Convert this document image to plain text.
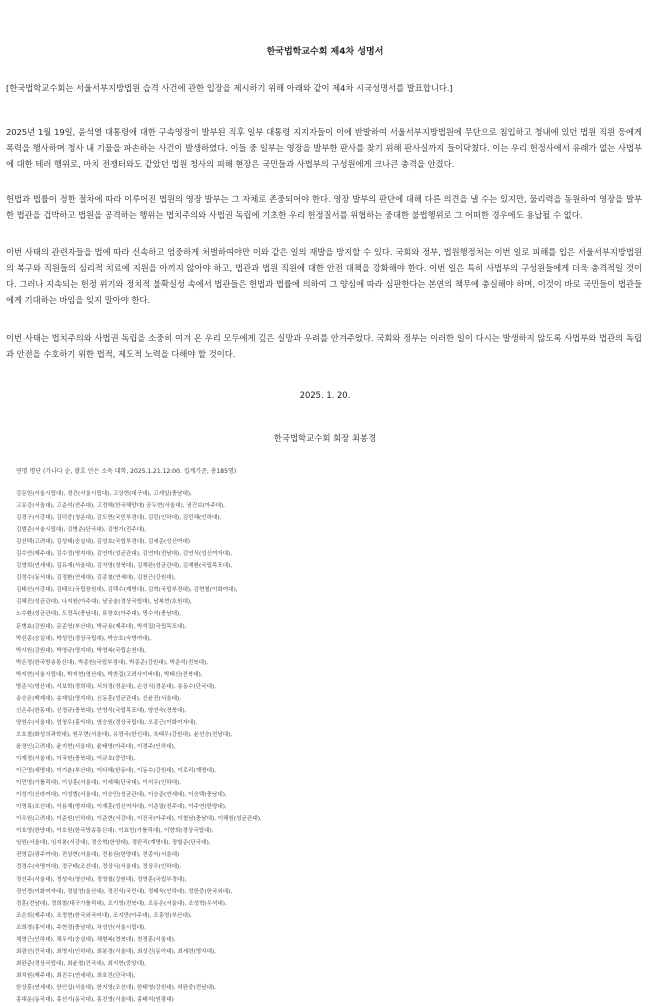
한국법학교수회 제4차 성명서
[한국법학교수회는 서울서부지방법원 습격 사건에 관한 입장을 제시하기 위해 아래와 같이 제4차 시국성명서를 발표합니다.]
2025년 1월 19일, 윤석열 대통령에 대한 구속영장이 발부된 직후 일부 대통령 지지자들이 이에 반발하여 서울서부지방법원에 무단으로 침입하고 청내에 있던 법원 직원 등에게 폭력을 행사하며 청사 내 기물을 파손하는 사건이 발생하였다. 이들 중 일부는 영장을 발부한 판사를 찾기 위해 판사실까지 들이닥쳤다. 이는 우리 헌정사에서 유례가 없는 사법부에 대한 테러 행위로, 마치 전쟁터와도 같았던 법원 청사의 피해 현장은 국민들과 사법부의 구성원에게 크나큰 충격을 안겼다.
헌법과 법률이 정한 절차에 따라 이루어진 법원의 영장 발부는 그 자체로 존중되어야 한다. 영장 발부의 판단에 대해 다른 의견을 낼 수는 있지만, 물리력을 동원하여 영장을 발부한 법관을 겁박하고 법원을 공격하는 행위는 법치주의와 사법권 독립에 기초한 우리 헌정질서를 위협하는 중대한 불법행위로 그 어떠한 경우에도 용납될 수 없다.
이번 사태의 관련자들을 법에 따라 신속하고 엄중하게 처벌하여야만 이와 같은 일의 재발을 방지할 수 있다. 국회와 정부, 법원행정처는 이번 일로 피해를 입은 서울서부지방법원의 복구와 직원들의 심리적 치료에 지원을 아끼지 않아야 하고, 법관과 법원 직원에 대한 안전 대책을 강화해야 한다. 이번 일은 특히 사법부의 구성원들에게 더욱 충격적일 것이다. 그러나 지속되는 헌정 위기와 정치적 불확실성 속에서 법관들은 헌법과 법률에 의하여 그 양심에 따라 심판한다는 본연의 책무에 충실해야 하며, 이것이 바로 국민들이 법관들에게 기대하는 바임을 잊지 말아야 한다.
이번 사태는 법치주의와 사법권 독립을 소중히 여겨 온 우리 모두에게 깊은 실망과 우려를 안겨주었다. 국회와 정부는 이러한 일이 다시는 발생하지 않도록 사법부와 법관의 독립과 안전을 수호하기 위한 법적, 제도적 노력을 다해야 할 것이다.
2025. 1. 20.
한국법학교수회 회장 최봉경
연명 명단 (가나다 순, 괄호 안은 소속 대학, 2025.1.21.12:00. 집계기준, 총185명)
강문헌(서울시립대), 경건(서울시립대), 고상현(대구대), 고세일(충남대),
고유강(서울대), 고준석(전주대), 고정해(한국해양대) 공두현(서울대), 권건보(아주대),
김경구(서강대), 김덕중(청운대), 김도현(국민부경대), 김린(인하대), 김민혜(인하대),
김범준(서울시립대), 김병준(단국대), 김병기(전주대),
김선택(고려대), 김성태(숭실대), 김성호(국립부경대), 김세준(성신여대)
김수연(제주대), 김수정(명지대), 김연미(성균관대), 김연미(전남대), 김연식(성신여자대),
김영희(연세대), 김유재(서울대), 김자영(경북대), 김재완(성균관대), 김재환(국립목포대),
김정수(동서대), 김정환(연세대), 김종철(연세대), 김천근(강원대),
김태선(서강대), 김태오(국립창원대), 김택수(계명대), 김혁(국립부경대), 김현철(이화여대),
김혜진(성균관대), 나지원(아주대), 남궁술(경상국립대), 남복현(호원대),
노수환(성균관대), 도경옥(충남대), 류창호(아주대), 명수석(충남대),
문병효(강원대), 문준영(부산대), 박규용(제주대), 박석집(국립목포대),
박선종(숭실대), 박성민(경상국립대), 박승호(숙명여대),
박시원(강원대), 박영규(명지대), 박영복(국립순천대),
박은정(한국방송통신대), 박종원(국립부경대), 박종준(강원대), 박준석(전북대),
박지현(서울시립대), 박지현(영산대), 박찬걸(고려사이버대), 박태신(전북대),
방준식(영산대), 서보학(경희대), 서의경(경운대), 손상식(경운대), 송동수(단국대),
송승은(백제대), 송재일(명지대), 신동훈(성균관대), 신윤진(서울대),
신은주(한동대), 신정규(충북대), 안영석(국립목포대), 양선숙(경북대),
양천수(서울대), 엄청우(홍익대), 염승원(경상국립대), 오종근(이화여자대),
오호철(화성의과학대), 원우현(서울대), 유영국(한신대), 육태우(강원대), 윤선승(전남대),
윤정인(고려대), 윤지현(서울대), 윤태영(아주대), 이경주(인하대),
이계정(서울대), 이국헌(충북대), 이규호(중앙대),
이근영(세명대), 이기춘(부산대), 이다혜(한동대), 이동수(강원대), 이로리(계명대),
이민영(가톨릭대), 이상훈(서울대), 이세혜(단국대), 이석우(인하대),
이성기(신라여대), 이성범(서울대), 이승민(성균관대), 이승준(연세대), 이승택(충남대),
이영록(조선대), 이용재(명지대), 이재훈(성신여자대), 이준열(전주대), 이주연(한양대),
이우원(고려대), 이준원(인하대), 이준현(서강대), 이진국(아주대), 이철남(충남대), 이해원(성균관대),
이호영(한양대), 이호원(한국방송통신대), 이효민(가톨릭대), 이향희(경상국립대),
임원(서울대), 임지봉(서강대), 정승혁(한양대), 정완직(계명대), 장할준(단국대),
전영길(광주여대), 전상현(서울대), 전용권(한양대), 전종익(서울대)
정경수(숙명여대), 정구태(조선대), 정상식(서울대), 정상우(인하대),
정선주(서울대), 정성숙(영산대), 정영철(강원대), 정영훈(국립부경대),
정인경(이화여자대), 정일영(울산대), 정진석(국민대), 정태욱(인하대), 정한중(한국외대),
정훈(전남대), 정희철(대구가톨릭대), 조기영(전북대), 조동은(서울대), 조성혁(우석대),
조은희(제주대), 조정현(한국외국어대), 조지만(아주대), 조홍영(부산대),
조희경(홍익대), 주현경(충남대), 차성안(서울시립대),
채영근(인하대), 채우석(숭실대), 채형복(경북대), 천경훈(서울대),
최광선(건국대), 최명지(인하대), 최봉경(서울대), 최성진(동아대), 최세련(명지대),
최완준(경상국립대), 최윤철(건국대), 최지현(중앙대),
최치원(제주대), 최진수(연세대), 최호진(단국대),
한상훈(연세대), 한인섭(서울대), 한지영(조선대), 한태영(강원대), 허완중(전남대),
홍대운(동국대), 홍선기(동국대), 홍진영(서울대), 홍태석(원광대)
